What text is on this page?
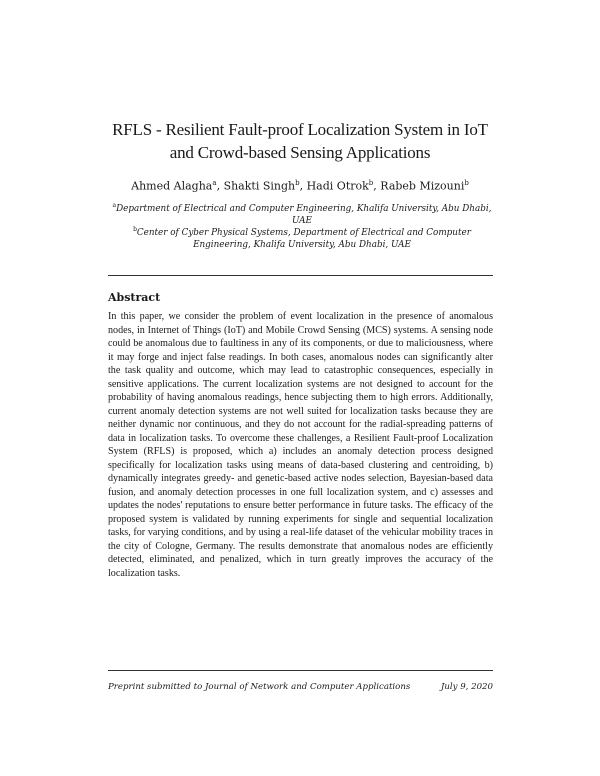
RFLS - Resilient Fault-proof Localization System in IoT
and Crowd-based Sensing Applications
Ahmed Alagha$^a$, Shakti Singh$^b$, Hadi Otrok$^b$, Rabeb Mizouni$^b$
$^a$Department of Electrical and Computer Engineering, Khalifa University, Abu Dhabi, UAE
$^b$Center of Cyber Physical Systems, Department of Electrical and Computer Engineering, Khalifa University, Abu Dhabi, UAE
Abstract
In this paper, we consider the problem of event localization in the presence of anomalous nodes, in Internet of Things (IoT) and Mobile Crowd Sensing (MCS) systems. A sensing node could be anomalous due to faultiness in any of its components, or due to maliciousness, where it may forge and inject false readings. In both cases, anomalous nodes can significantly alter the task quality and outcome, which may lead to catastrophic consequences, especially in sensitive applications. The current localization systems are not designed to account for the probability of having anomalous readings, hence subjecting them to high errors. Additionally, current anomaly detection systems are not well suited for localization tasks because they are neither dynamic nor continuous, and they do not account for the radial-spreading patterns of data in localization tasks. To overcome these challenges, a Resilient Fault-proof Localization System (RFLS) is proposed, which a) includes an anomaly detection process designed specifically for localization tasks using means of data-based clustering and centroiding, b) dynamically integrates greedy- and genetic-based active nodes selection, Bayesian-based data fusion, and anomaly detection processes in one full localization system, and c) assesses and updates the nodes' reputations to ensure better performance in future tasks. The efficacy of the proposed system is validated by running experiments for single and sequential localization tasks, for varying conditions, and by using a real-life dataset of the vehicular mobility traces in the city of Cologne, Germany. The results demonstrate that anomalous nodes are efficiently detected, eliminated, and penalized, which in turn greatly improves the accuracy of the localization tasks.
Preprint submitted to Journal of Network and Computer Applications	July 9, 2020
